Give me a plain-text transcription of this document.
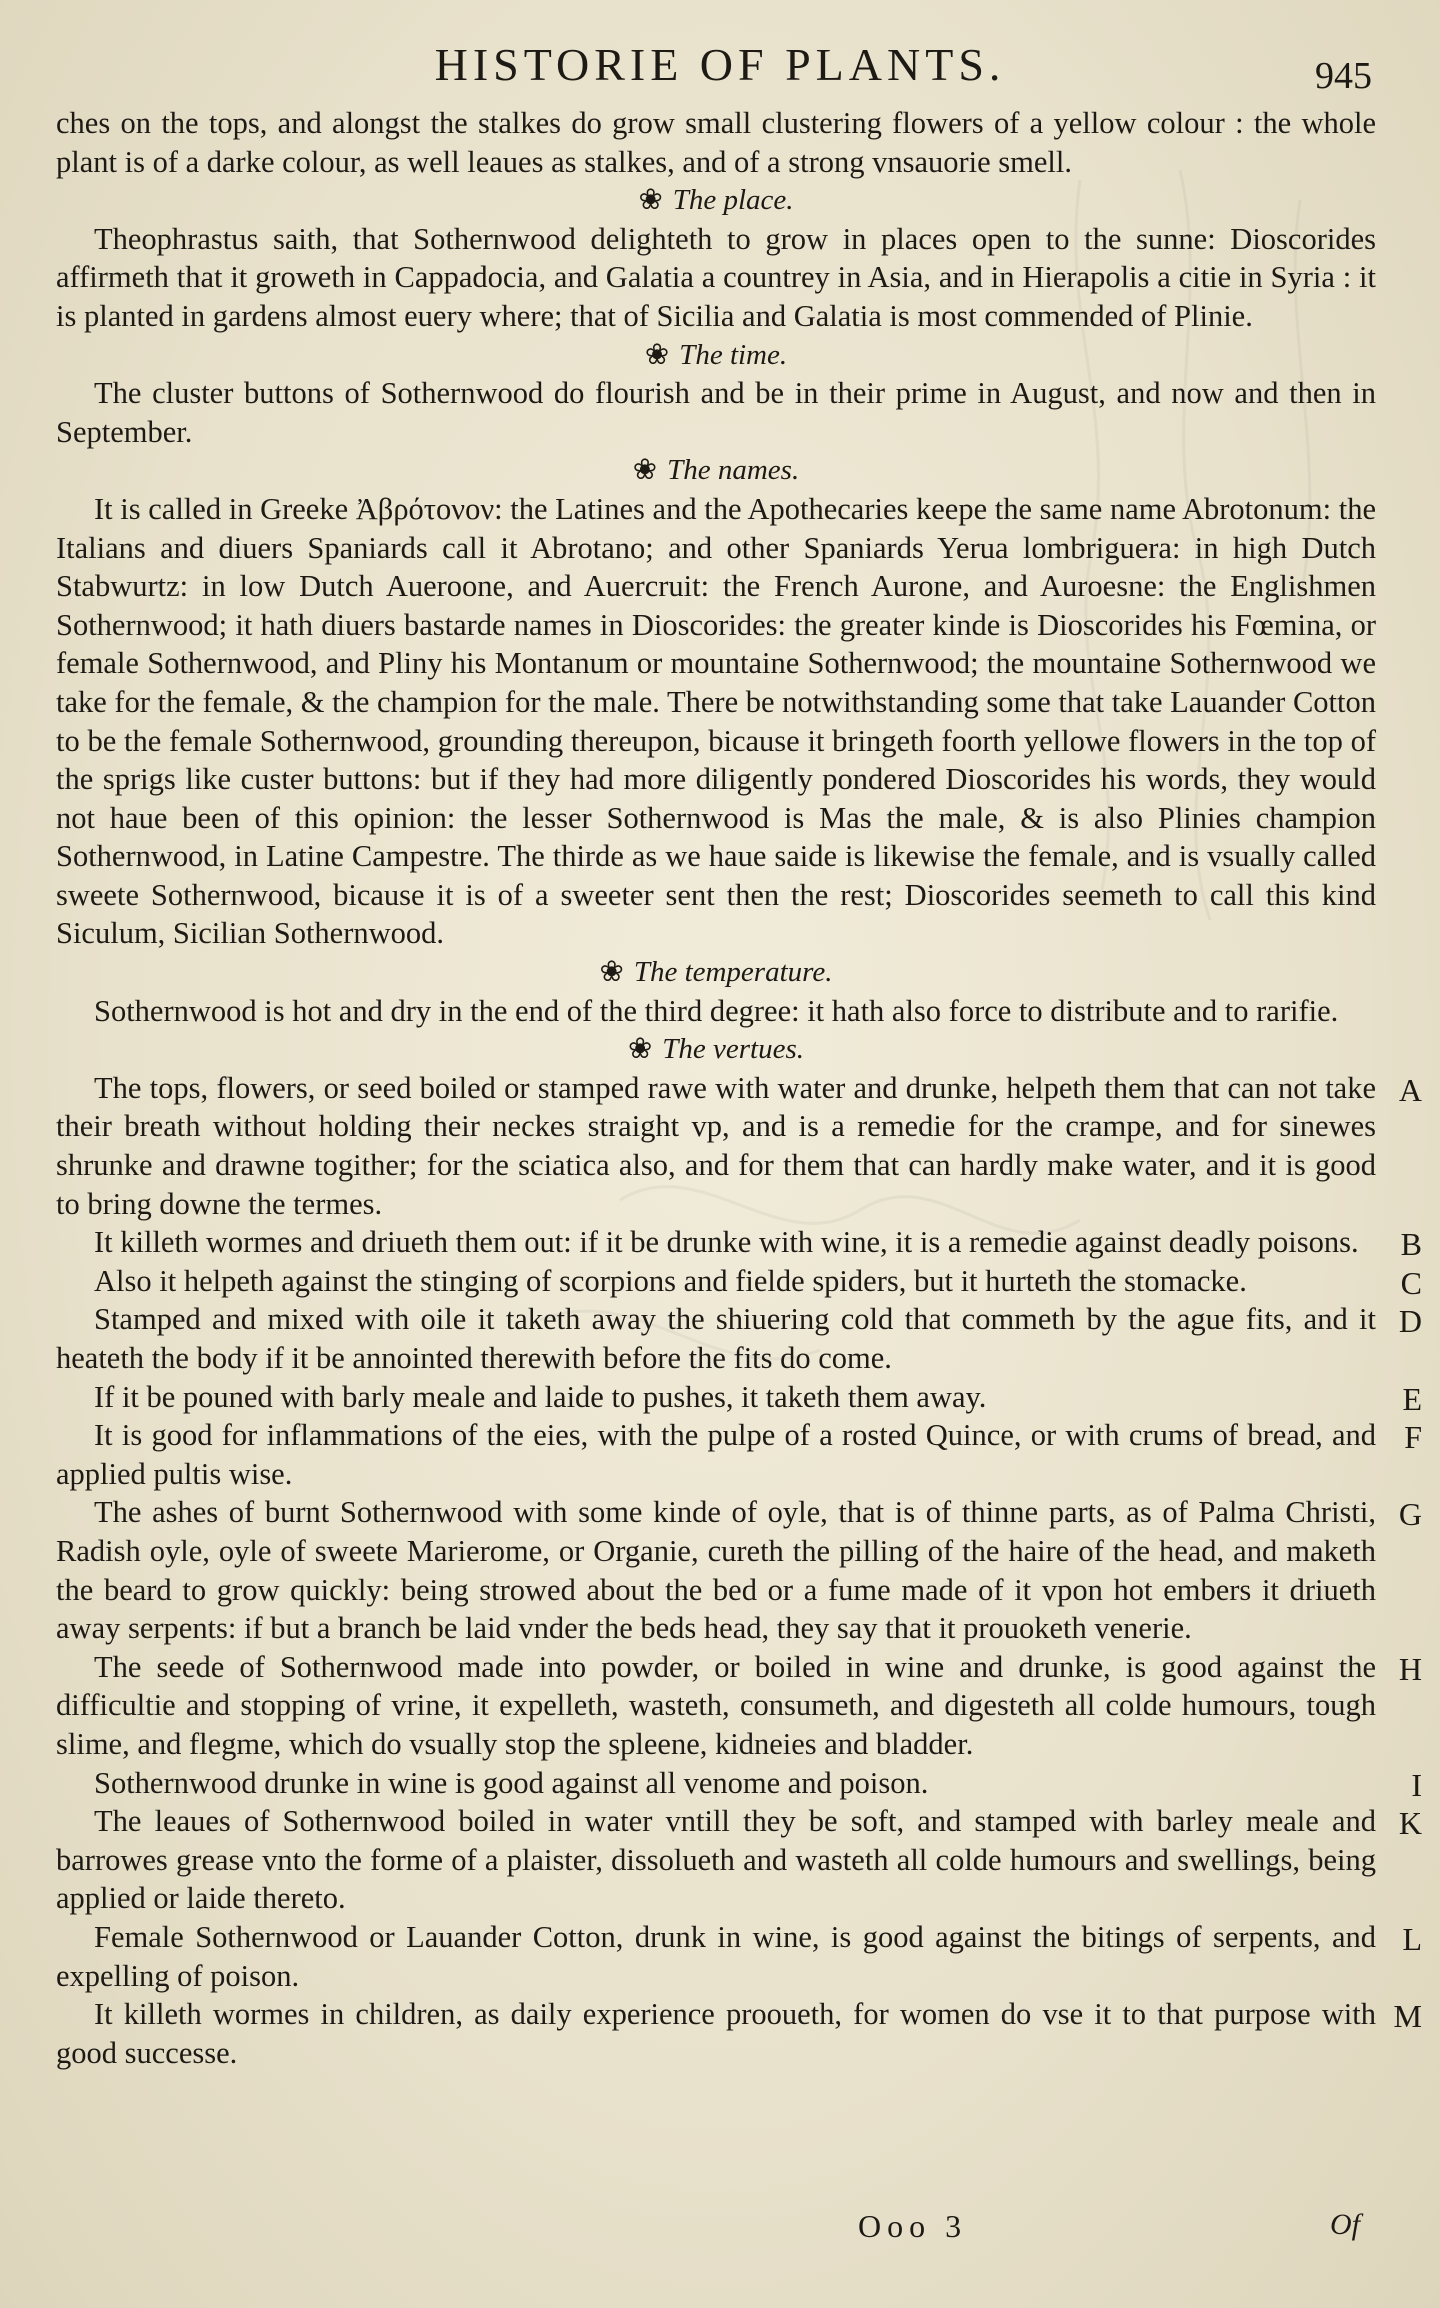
HISTORIE OF PLANTS.	945

ches on the tops, and alongst the stalkes do grow small clustering flowers of a yellow colour : the whole plant is of a darke colour, as well leaues as stalkes, and of a strong vnsauorie smell.

❀ The place.

Theophrastus saith, that Sothernwood delighteth to grow in places open to the sunne: Dioscorides affirmeth that it groweth in Cappadocia, and Galatia a countrey in Asia, and in Hierapolis a citie in Syria : it is planted in gardens almost euery where; that of Sicilia and Galatia is most commended of Plinie.

❀ The time.

The cluster buttons of Sothernwood do flourish and be in their prime in August, and now and then in September.

❀ The names.

It is called in Greeke Ἀβρότονον: the Latines and the Apothecaries keepe the same name Abrotonum: the Italians and diuers Spaniards call it Abrotano; and other Spaniards Yerua lombriguera: in high Dutch Stabwurtz: in low Dutch Aueroone, and Auercruit: the French Aurone, and Auroesne: the Englishmen Sothernwood; it hath diuers bastarde names in Dioscorides: the greater kinde is Dioscorides his Fœmina, or female Sothernwood, and Pliny his Montanum or mountaine Sothernwood; the mountaine Sothernwood we take for the female, & the champion for the male. There be notwithstanding some that take Lauander Cotton to be the female Sothernwood, grounding thereupon, bicause it bringeth foorth yellowe flowers in the top of the sprigs like custer buttons: but if they had more diligently pondered Dioscorides his words, they would not haue been of this opinion: the lesser Sothernwood is Mas the male, & is also Plinies champion Sothernwood, in Latine Campestre. The thirde as we haue saide is likewise the female, and is vsually called sweete Sothernwood, bicause it is of a sweeter sent then the rest; Dioscorides seemeth to call this kind Siculum, Sicilian Sothernwood.

❀ The temperature.

Sothernwood is hot and dry in the end of the third degree: it hath also force to distribute and to rarifie.

❀ The vertues.

The tops, flowers, or seed boiled or stamped rawe with water and drunke, helpeth them that can not take their breath without holding their neckes straight vp, and is a remedie for the crampe, and for sinewes shrunke and drawne togither; for the sciatica also, and for them that can hardly make water, and it is good to bring downe the termes.

A

It killeth wormes and driueth them out: if it be drunke with wine, it is a remedie against deadly poisons.	B

Also it helpeth against the stinging of scorpions and fielde spiders, but it hurteth the stomacke.	C

Stamped and mixed with oile it taketh away the shiuering cold that commeth by the ague fits, and it heateth the body if it be annointed therewith before the fits do come.

D

If it be pouned with barly meale and laide to pushes, it taketh them away.	E

It is good for inflammations of the eies, with the pulpe of a rosted Quince, or with crums of bread, and applied pultis wise.

F

The ashes of burnt Sothernwood with some kinde of oyle, that is of thinne parts, as of Palma Christi, Radish oyle, oyle of sweete Marierome, or Organie, cureth the pilling of the haire of the head, and maketh the beard to grow quickly: being strowed about the bed or a fume made of it vpon hot embers it driueth away serpents: if but a branch be laid vnder the beds head, they say that it prouoketh venerie.

G

The seede of Sothernwood made into powder, or boiled in wine and drunke, is good against the difficultie and stopping of vrine, it expelleth, wasteth, consumeth, and digesteth all colde humours, tough slime, and flegme, which do vsually stop the spleene, kidneies and bladder.

H

Sothernwood drunke in wine is good against all venome and poison.	I

The leaues of Sothernwood boiled in water vntill they be soft, and stamped with barley meale and barrowes grease vnto the forme of a plaister, dissolueth and wasteth all colde humours and swellings, being applied or laide thereto.

K

Female Sothernwood or Lauander Cotton, drunk in wine, is good against the bitings of serpents, and expelling of poison.

L

It killeth wormes in children, as daily experience prooueth, for women do vse it to that purpose with good successe.

M
Ooo 3	Of
